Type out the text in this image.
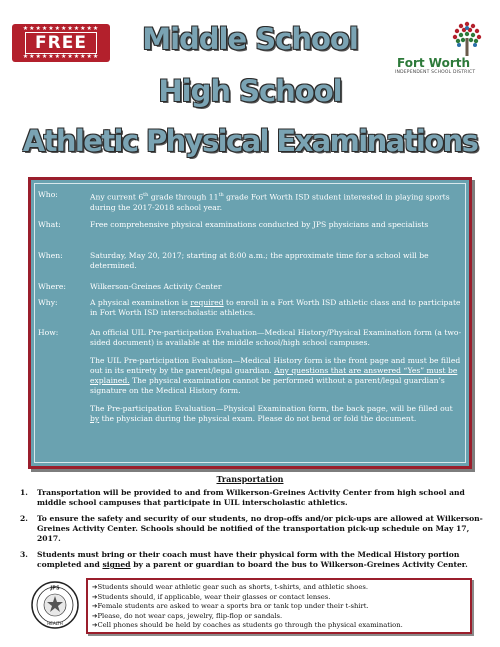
★★★★★★★★★★★★
FREE
★★★★★★★★★★★★
Middle School
High School
Athletic Physical Examinations
Fort Worth
INDEPENDENT SCHOOL DISTRICT
Who:	Any current 6th grade through 11th grade Fort Worth ISD student interested in playing sports during the 2017-2018 school year.
What:	Free comprehensive physical examinations conducted by JPS physicians and specialists
When:	Saturday, May 20, 2017; starting at 8:00 a.m.; the approximate time for a school will be determined.
Where:	Wilkerson-Greines Activity Center
Why:	A physical examination is required to enroll in a Fort Worth ISD athletic class and to participate in Fort Worth ISD interscholastic athletics.
How:	An official UIL Pre-participation Evaluation—Medical History/Physical Examination form (a two-sided document) is available at the middle school/high school campuses.

The UIL Pre-participation Evaluation—Medical History form is the front page and must be filled out in its entirety by the parent/legal guardian. Any questions that are answered “Yes” must be explained. The physical examination cannot be performed without a parent/legal guardian’s signature on the Medical History form.

The Pre-participation Evaluation—Physical Examination form, the back page, will be filled out by the physician during the physical exam. Please do not bend or fold the document.

Transportation
1.	Transportation will be provided to and from Wilkerson-Greines Activity Center from high school and middle school campuses that participate in UIL interscholastic athletics.
2.	To ensure the safety and security of our students, no drop-offs and/or pick-ups are allowed at Wilkerson-Greines Activity Center. Schools should be notified of the transportation pick-up schedule on May 17, 2017.
3.	Students must bring or their coach must have their physical form with the Medical History portion completed and signed by a parent or guardian to board the bus to Wilkerson-Greines Activity Center.
JPS
HEALTH
➔Students should wear athletic gear such as shorts, t-shirts, and athletic shoes.
➔Students should, if applicable, wear their glasses or contact lenses.
➔Female students are asked to wear a sports bra or tank top under their t-shirt.
➔Please, do not wear caps, jewelry, flip-flop or sandals.
➔Cell phones should be held by coaches as students go through the physical examination.
